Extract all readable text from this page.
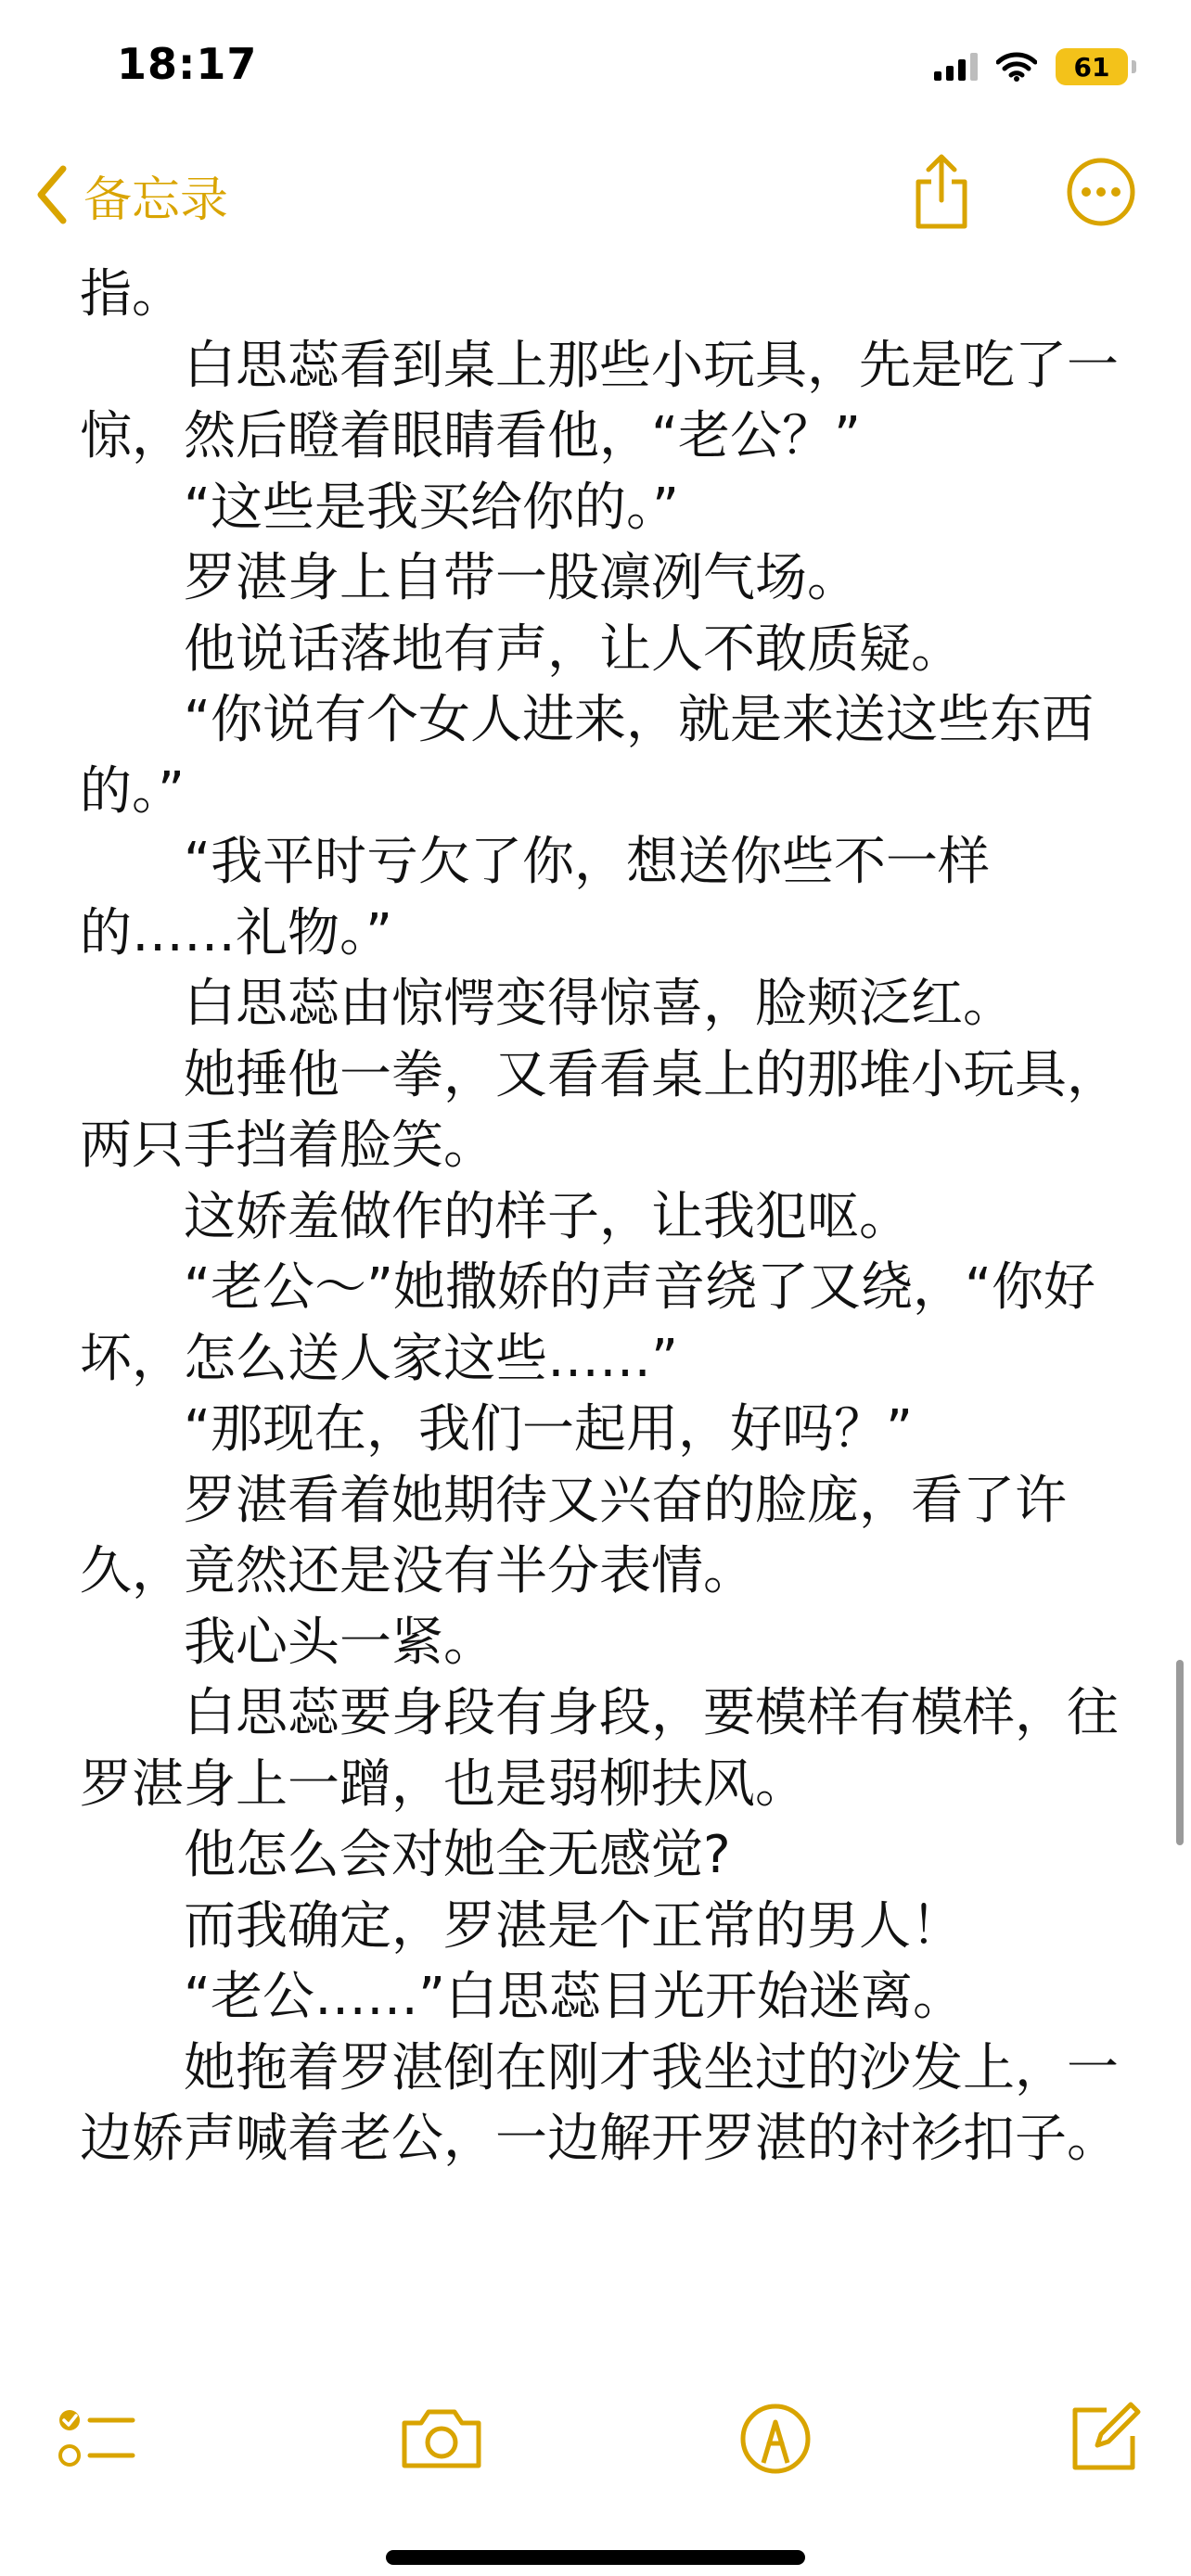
18:17	61
备忘录

指。

白思蕊看到桌上那些小玩具，先是吃了一惊，然后瞪着眼睛看他，“老公？”

“这些是我买给你的。”

罗湛身上自带一股凛冽气场。

他说话落地有声，让人不敢质疑。

“你说有个女人进来，就是来送这些东西的。”

“我平时亏欠了你，想送你些不一样的……礼物。”

白思蕊由惊愕变得惊喜，脸颊泛红。

她捶他一拳，又看看桌上的那堆小玩具，两只手挡着脸笑。

这娇羞做作的样子，让我犯呕。

“老公～”她撒娇的声音绕了又绕，“你好坏，怎么送人家这些……”

“那现在，我们一起用，好吗？”

罗湛看着她期待又兴奋的脸庞，看了许久，竟然还是没有半分表情。

我心头一紧。

白思蕊要身段有身段，要模样有模样，往罗湛身上一蹭，也是弱柳扶风。

他怎么会对她全无感觉?

而我确定，罗湛是个正常的男人！

“老公……”白思蕊目光开始迷离。

她拖着罗湛倒在刚才我坐过的沙发上，一边娇声喊着老公，一边解开罗湛的衬衫扣子。
